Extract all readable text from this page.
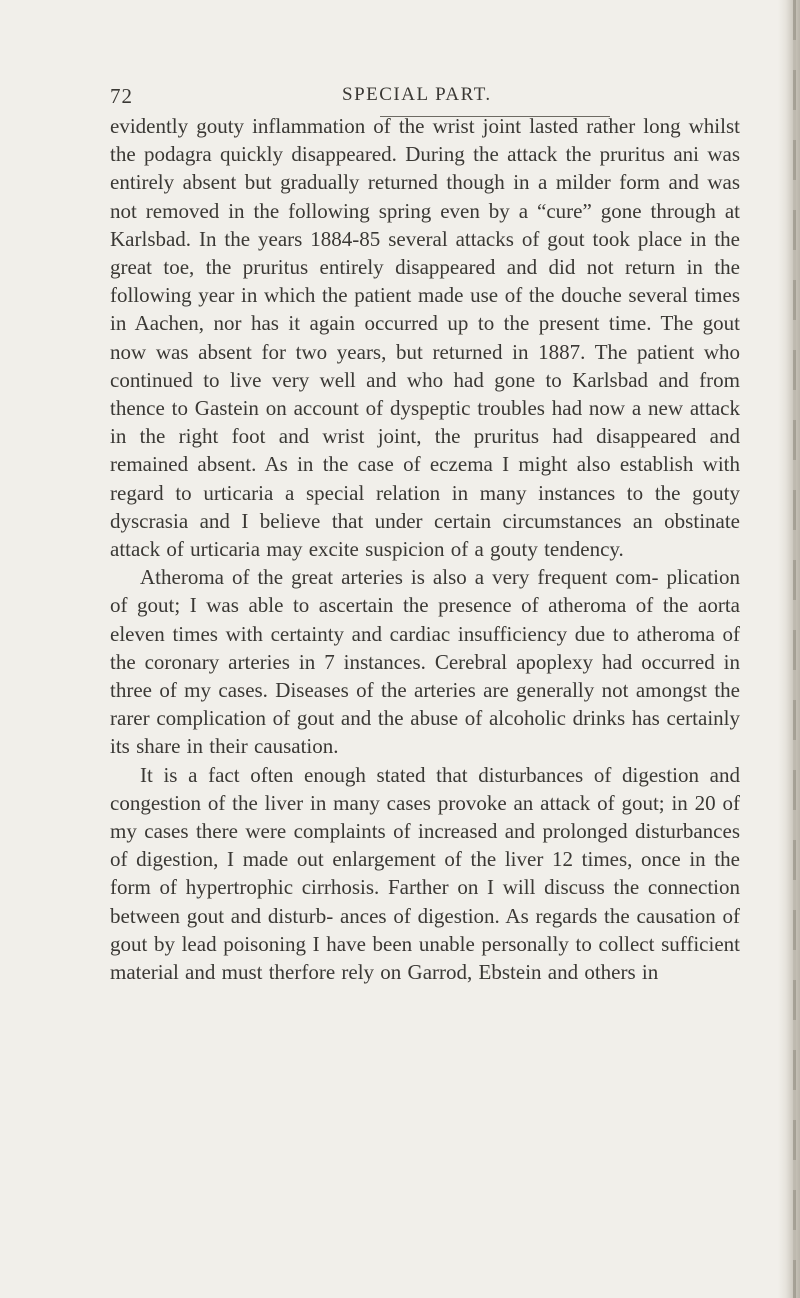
72	SPECIAL PART.

evidently gouty inflammation of the wrist joint lasted rather long whilst the podagra quickly disappeared. During the attack the pruritus ani was entirely absent but gradually returned though in a milder form and was not removed in the following spring even by a “cure” gone through at Karlsbad. In the years 1884-85 several attacks of gout took place in the great toe, the pruritus entirely disappeared and did not return in the following year in which the patient made use of the douche several times in Aachen, nor has it again occurred up to the present time. The gout now was absent for two years, but returned in 1887. The patient who continued to live very well and who had gone to Karlsbad and from thence to Gastein on account of dyspeptic troubles had now a new attack in the right foot and wrist joint, the pruritus had disappeared and remained absent. As in the case of eczema I might also establish with regard to urticaria a special relation in many instances to the gouty dyscrasia and I believe that under certain circumstances an obstinate attack of urticaria may excite suspicion of a gouty tendency.

Atheroma of the great arteries is also a very frequent com- plication of gout; I was able to ascertain the presence of atheroma of the aorta eleven times with certainty and cardiac insufficiency due to atheroma of the coronary arteries in 7 instances. Cerebral apoplexy had occurred in three of my cases. Diseases of the arteries are generally not amongst the rarer complication of gout and the abuse of alcoholic drinks has certainly its share in their causation.

It is a fact often enough stated that disturbances of digestion and congestion of the liver in many cases provoke an attack of gout; in 20 of my cases there were complaints of increased and prolonged disturbances of digestion, I made out enlargement of the liver 12 times, once in the form of hypertrophic cirrhosis. Farther on I will discuss the connection between gout and disturb- ances of digestion. As regards the causation of gout by lead poisoning I have been unable personally to collect sufficient material and must therfore rely on Garrod, Ebstein and others in
